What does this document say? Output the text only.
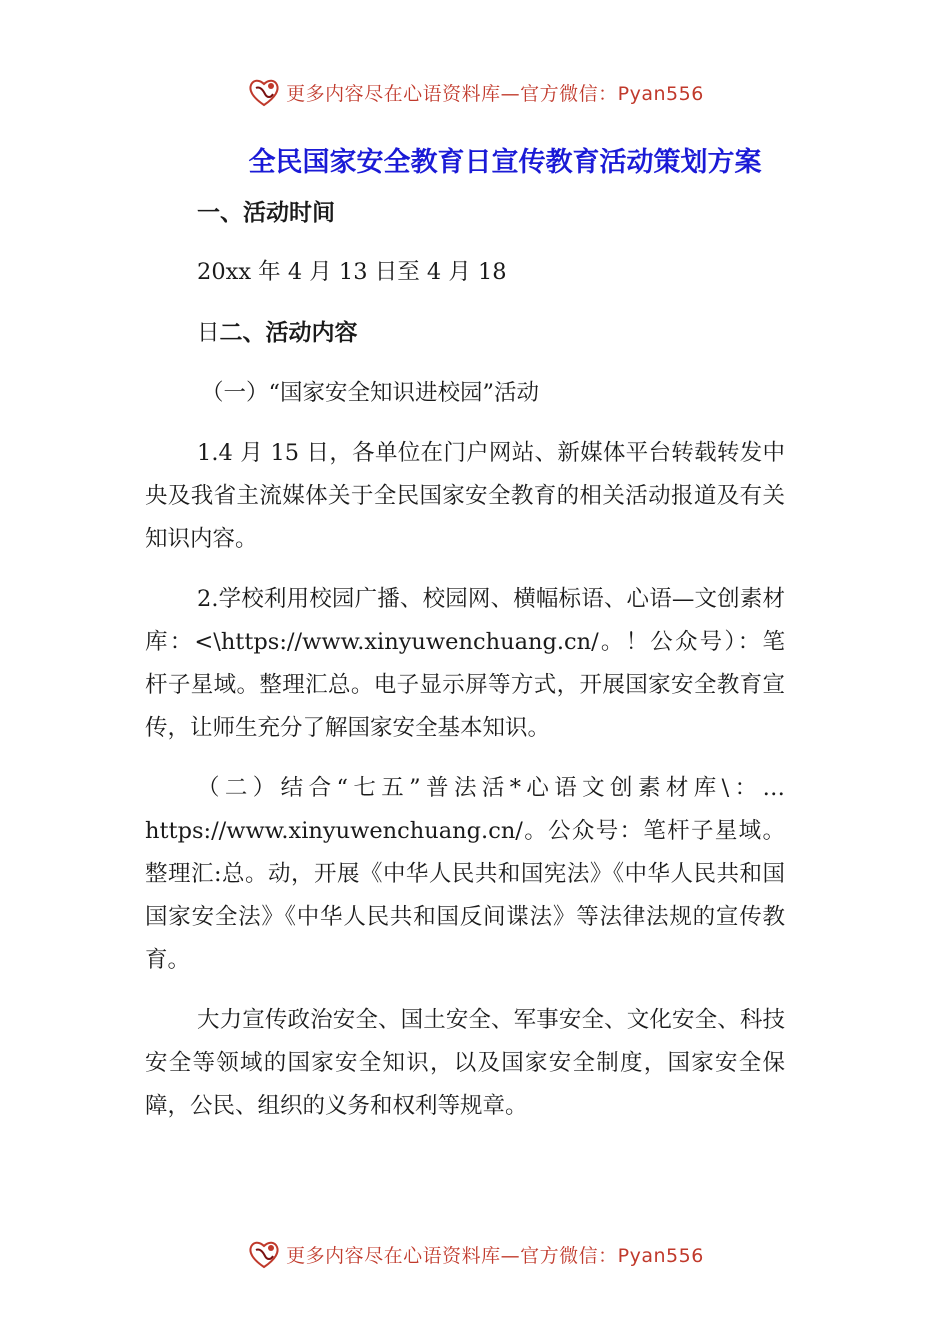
更多内容尽在心语资料库—官方微信：Pyan556
全民国家安全教育日宣传教育活动策划方案

一、活动时间

20xx 年 4 月 13 日至 4 月 18

日二、活动内容

（一）“国家安全知识进校园”活动

1.4 月 15 日，各单位在门户网站、新媒体平台转载转发中央及我省主流媒体关于全民国家安全教育的相关活动报道及有关知识内容。

2.学校利用校园广播、校园网、横幅标语、心语—文创素材库：<\https://www.xinyuwenchuang.cn/。！公众号）：笔杆子星域。整理汇总。电子显示屏等方式，开展国家安全教育宣传，让师生充分了解国家安全基本知识。

（二）结合“七五”普法活*心语文创素材库\：…https://www.xinyuwenchuang.cn/。公众号：笔杆子星域。整理汇:总。动，开展《中华人民共和国宪法》《中华人民共和国国家安全法》《中华人民共和国反间谍法》等法律法规的宣传教育。

大力宣传政治安全、国土安全、军事安全、文化安全、科技安全等领域的国家安全知识，以及国家安全制度，国家安全保障，公民、组织的义务和权利等规章。

更多内容尽在心语资料库—官方微信：Pyan556
